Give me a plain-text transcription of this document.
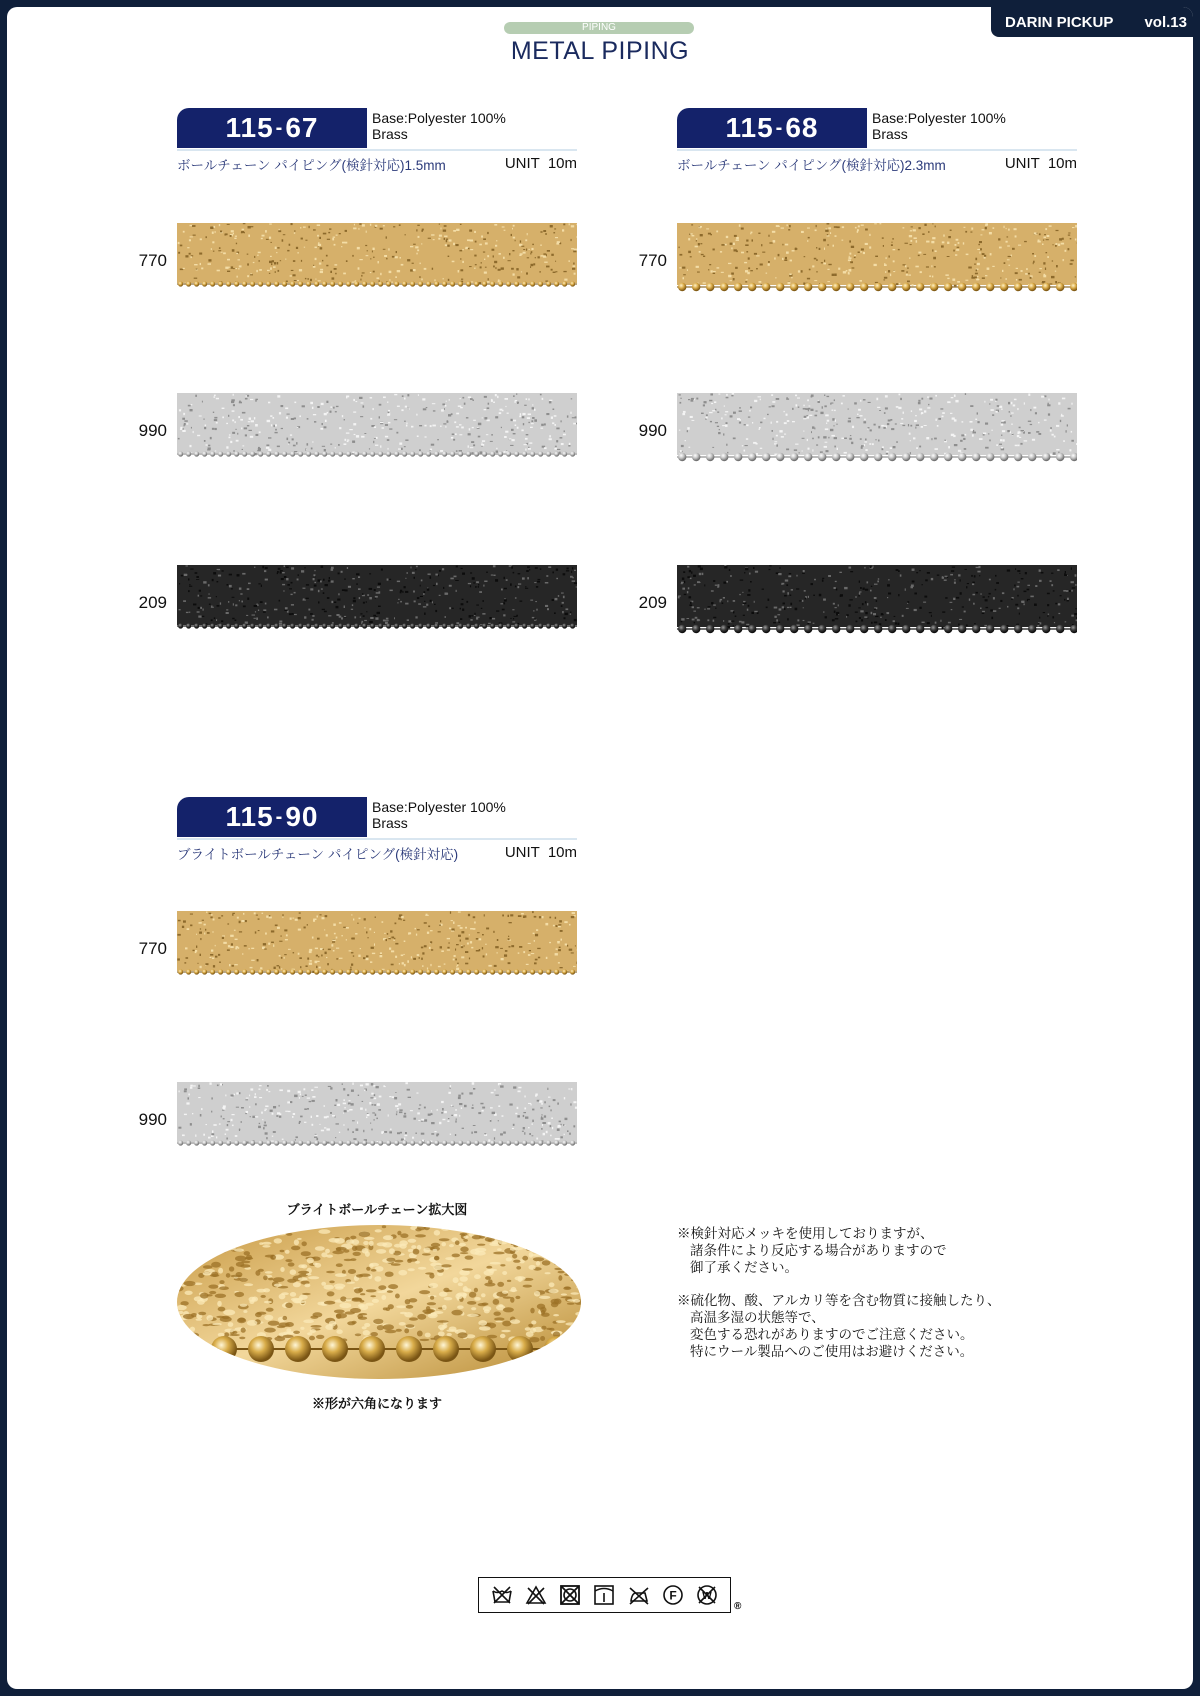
DARIN PICKUP vol.13
PIPING
METAL PIPING
115 - 67	Base:Polyester 100%
Brass
ボールチェーン パイピング(検針対応)1.5mm	UNIT 10m
115 - 68	Base:Polyester 100%
Brass
ボールチェーン パイピング(検針対応)2.3mm	UNIT 10m
115 - 90	Base:Polyester 100%
Brass
ブライトボールチェーン パイピング(検針対応)	UNIT 10m
770
990
209
770
990
209
770
990
ブライトボールチェーン拡大図
※形が六角になります

※検針対応メッキを使用しておりますが、
諸条件により反応する場合がありますので
御了承ください。

※硫化物、酸、アルカリ等を含む物質に接触したり、
高温多湿の状態等で、
変色する恐れがありますのでご注意ください。
特にウール製品へのご使用はお避けください。

F	W
®
